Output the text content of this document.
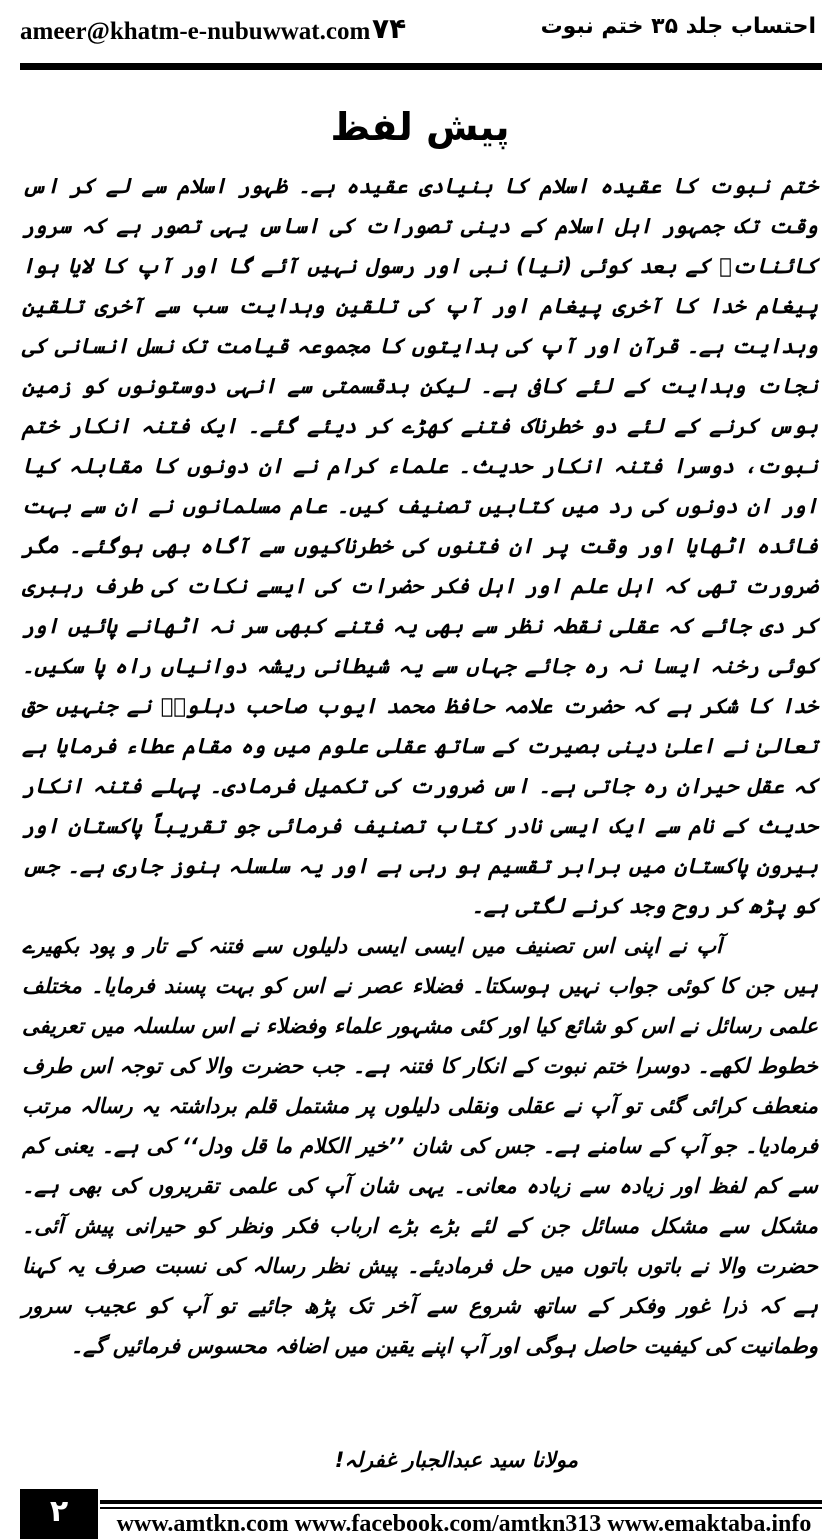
ameer@khatm-e-nubuwwat.com ۷۴	احتساب جلد ۳۵ ختم نبوت
پیش لفظ

ختم نبوت کا عقیدہ اسلام کا بنیادی عقیدہ ہے۔ ظہور اسلام سے لے کر اس وقت تک جمہور اہل اسلام کے دینی تصورات کی اساس یہی تصور ہے کہ سرور کائناتﷺ کے بعد کوئی (نیا) نبی اور رسول نہیں آئے گا اور آپ کا لایا ہوا پیغام خدا کا آخری پیغام اور آپ کی تلقین وہدایت سب سے آخری تلقین وہدایت ہے۔ قرآن اور آپ کی ہدایتوں کا مجموعہ قیامت تک نسل انسانی کی نجات وہدایت کے لئے کافی ہے۔ لیکن بدقسمتی سے انہی دوستونوں کو زمین بوس کرنے کے لئے دو خطرناک فتنے کھڑے کر دیئے گئے۔ ایک فتنہ انکار ختم نبوت، دوسرا فتنہ انکار حدیث۔ علماء کرام نے ان دونوں کا مقابلہ کیا اور ان دونوں کی رد میں کتابیں تصنیف کیں۔ عام مسلمانوں نے ان سے بہت فائدہ اٹھایا اور وقت پر ان فتنوں کی خطرناکیوں سے آگاہ بھی ہوگئے۔ مگر ضرورت تھی کہ اہل علم اور اہل فکر حضرات کی ایسے نکات کی طرف رہبری کر دی جائے کہ عقلی نقطہ نظر سے بھی یہ فتنے کبھی سر نہ اٹھانے پائیں اور کوئی رخنہ ایسا نہ رہ جائے جہاں سے یہ شیطانی ریشہ دوانیاں راہ پا سکیں۔ خدا کا شکر ہے کہ حضرت علامہ حافظ محمد ایوب صاحب دہلویؒ نے جنہیں حق تعالیٰ نے اعلیٰ دینی بصیرت کے ساتھ عقلی علوم میں وہ مقام عطاء فرمایا ہے کہ عقل حیران رہ جاتی ہے۔ اس ضرورت کی تکمیل فرمادی۔ پہلے فتنہ انکار حدیث کے نام سے ایک ایسی نادر کتاب تصنیف فرمائی جو تقریباً پاکستان اور بیرون پاکستان میں برابر تقسیم ہو رہی ہے اور یہ سلسلہ ہنوز جاری ہے۔ جس کو پڑھ کر روح وجد کرنے لگتی ہے۔

آپ نے اپنی اس تصنیف میں ایسی ایسی دلیلوں سے فتنہ کے تار و پود بکھیرے ہیں جن کا کوئی جواب نہیں ہوسکتا۔ فضلاء عصر نے اس کو بہت پسند فرمایا۔ مختلف علمی رسائل نے اس کو شائع کیا اور کئی مشہور علماء وفضلاء نے اس سلسلہ میں تعریفی خطوط لکھے۔ دوسرا ختم نبوت کے انکار کا فتنہ ہے۔ جب حضرت والا کی توجہ اس طرف منعطف کرائی گئی تو آپ نے عقلی ونقلی دلیلوں پر مشتمل قلم برداشتہ یہ رسالہ مرتب فرمادیا۔ جو آپ کے سامنے ہے۔ جس کی شان ’’خیر الکلام ما قل ودل‘‘ کی ہے۔ یعنی کم سے کم لفظ اور زیادہ سے زیادہ معانی۔ یہی شان آپ کی علمی تقریروں کی بھی ہے۔ مشکل سے مشکل مسائل جن کے لئے بڑے بڑے ارباب فکر ونظر کو حیرانی پیش آئی۔ حضرت والا نے باتوں باتوں میں حل فرمادیئے۔ پیش نظر رسالہ کی نسبت صرف یہ کہنا ہے کہ ذرا غور وفکر کے ساتھ شروع سے آخر تک پڑھ جائیے تو آپ کو عجیب سرور وطمانیت کی کیفیت حاصل ہوگی اور آپ اپنے یقین میں اضافہ محسوس فرمائیں گے۔

مولانا سید عبدالجبار غفرلہ!
۲	www.amtkn.com www.facebook.com/amtkn313 www.emaktaba.info
